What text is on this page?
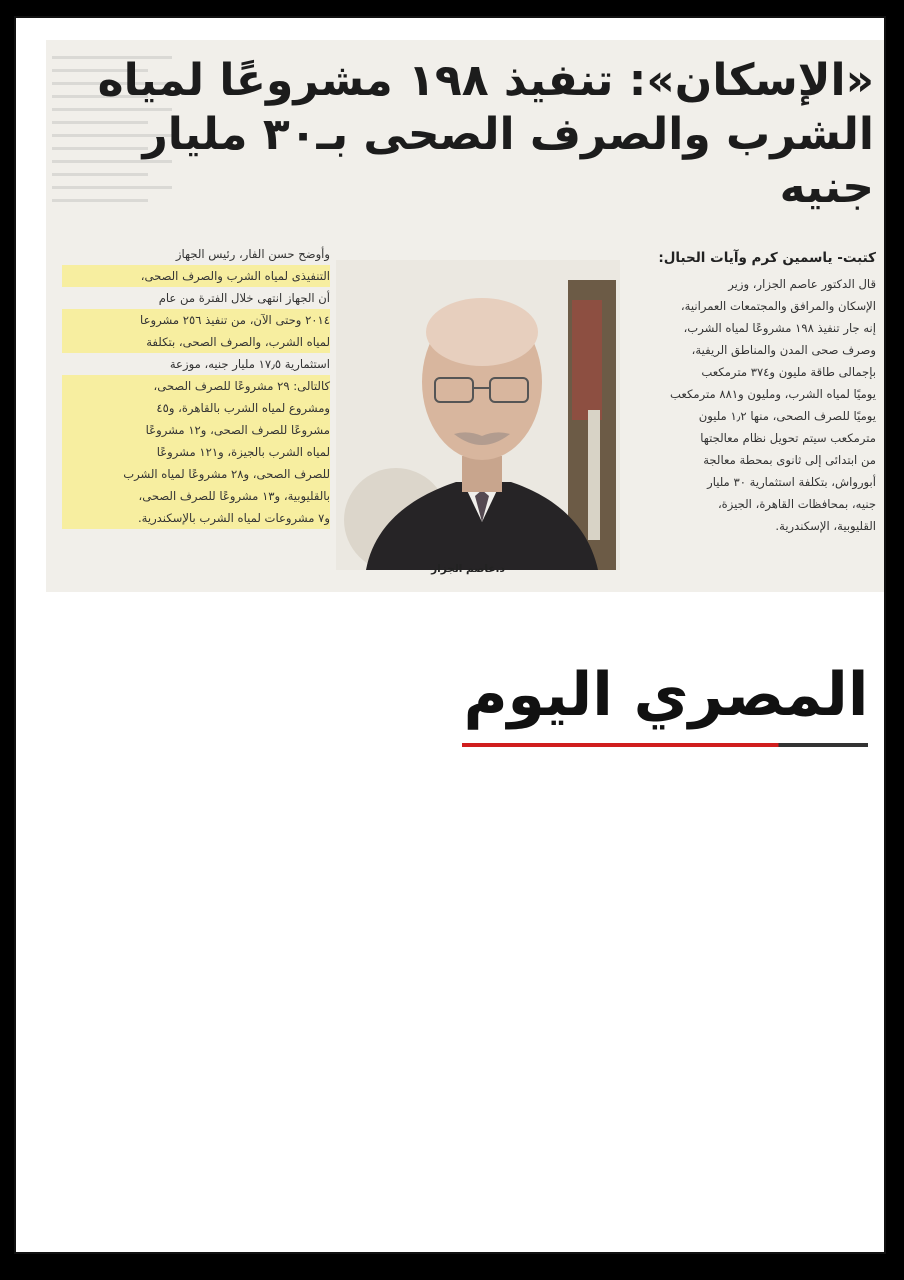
«الإسكان»: تنفيذ ١٩٨ مشروعًا لمياه
الشرب والصرف الصحى بـ٣٠ مليار جنيه
كتبت- ياسمين كرم وآيات الحبال:
قال الدكتور عاصم الجزار، وزير
الإسكان والمرافق والمجتمعات العمرانية،
إنه جار تنفيذ ١٩٨ مشروعًا لمياه الشرب،
وصرف صحى المدن والمناطق الريفية،
بإجمالى طاقة مليون و٣٧٤ مترمكعب
يوميًا لمياه الشرب، ومليون و٨٨١ مترمكعب
يوميًا للصرف الصحى، منها ١٫٢ مليون
مترمكعب سيتم تحويل نظام معالجتها
من ابتدائى إلى ثانوى بمحطة معالجة
أبورواش، بتكلفة استثمارية ٣٠ مليار
جنيه، بمحافظات القاهرة، الجيزة،
القليوبية، الإسكندرية.
وأوضح حسن الفار، رئيس الجهاز
التنفيذى لمياه الشرب والصرف الصحى،
أن الجهاز انتهى خلال الفترة من عام
٢٠١٤ وحتى الآن، من تنفيذ ٢٥٦ مشروعا
لمياه الشرب، والصرف الصحى، بتكلفة
استثمارية ١٧٫٥ مليار جنيه، موزعة
كالتالى: ٢٩ مشروعًا للصرف الصحى،
ومشروع لمياه الشرب بالقاهرة، و٤٥
مشروعًا للصرف الصحى، و١٢ مشروعًا
لمياه الشرب بالجيزة، و١٢١ مشروعًا
للصرف الصحى، و٢٨ مشروعًا لمياه الشرب
بالقليوبية، و١٣ مشروعًا للصرف الصحى،
و٧ مشروعات لمياه الشرب بالإسكندرية.
د.عاصم الجزار
المصري اليوم
